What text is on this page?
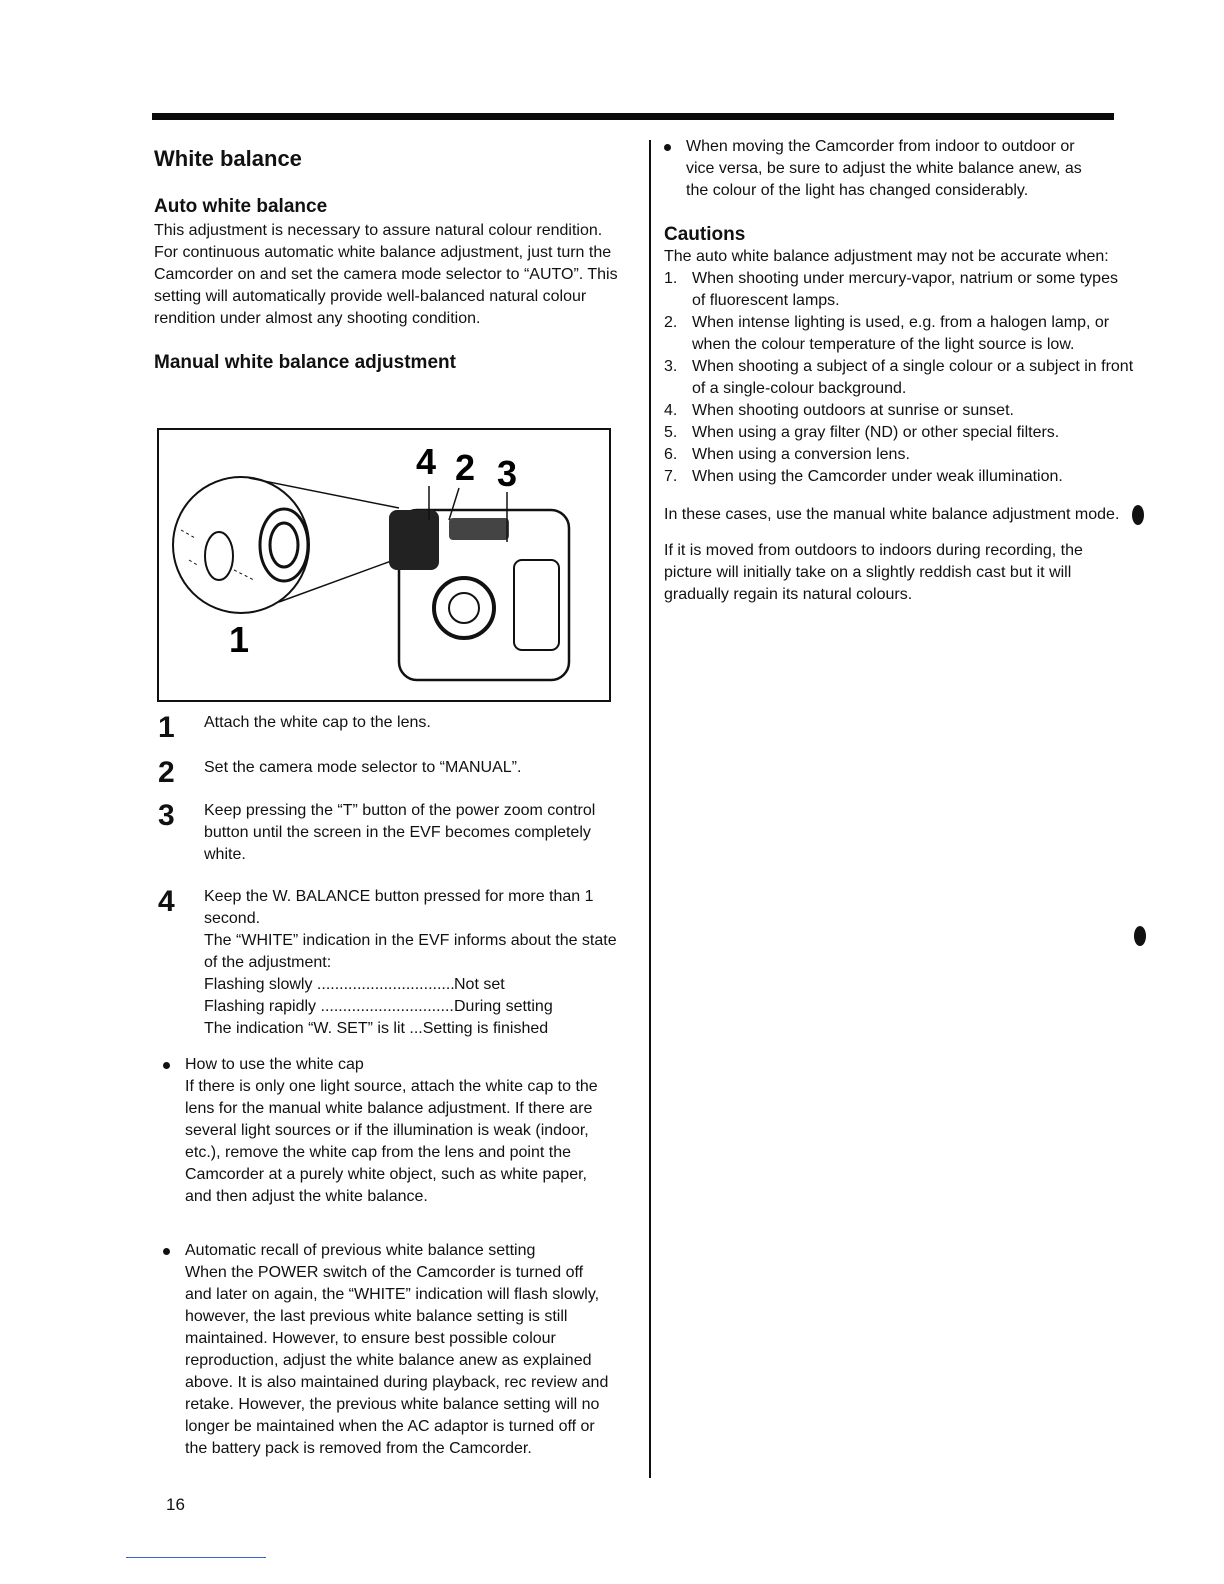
White balance
Auto white balance

This adjustment is necessary to assure natural colour rendition.

For continuous automatic white balance adjustment, just turn the Camcorder on and set the camera mode selector to “AUTO”. This setting will automatically provide well-balanced natural colour rendition under almost any shooting condition.

Manual white balance adjustment
4 2 3
1
1 Attach the white cap to the lens.
2 Set the camera mode selector to “MANUAL”.
3 Keep pressing the “T” button of the power zoom control button until the screen in the EVF becomes completely white.
4 Keep the W. BALANCE button pressed for more than 1 second.
The “WHITE” indication in the EVF informs about the state of the adjustment:
Flashing slowly .....	Not set
Flashing rapidly .....	During setting
The indication “W. SET” is lit ...Setting is finished
How to use the white cap
If there is only one light source, attach the white cap to the lens for the manual white balance adjustment. If there are several light sources or if the illumination is weak (indoor, etc.), remove the white cap from the lens and point the Camcorder at a purely white object, such as white paper, and then adjust the white balance.
Automatic recall of previous white balance setting
When the POWER switch of the Camcorder is turned off and later on again, the “WHITE” indication will flash slowly, however, the last previous white balance setting is still maintained. However, to ensure best possible colour reproduction, adjust the white balance anew as explained above. It is also maintained during playback, rec review and retake. However, the previous white balance setting will no longer be maintained when the AC adaptor is turned off or the battery pack is removed from the Camcorder.
When moving the Camcorder from indoor to outdoor or vice versa, be sure to adjust the white balance anew, as the colour of the light has changed considerably.
Cautions

The auto white balance adjustment may not be accurate when:

1. When shooting under mercury-vapor, natrium or some types of fluorescent lamps.
2. When intense lighting is used, e.g. from a halogen lamp, or when the colour temperature of the light source is low.
3. When shooting a subject of a single colour or a subject in front of a single-colour background.
4. When shooting outdoors at sunrise or sunset.
5. When using a gray filter (ND) or other special filters.
6. When using a conversion lens.
7. When using the Camcorder under weak illumination.

In these cases, use the manual white balance adjustment mode.

If it is moved from outdoors to indoors during recording, the picture will initially take on a slightly reddish cast but it will gradually regain its natural colours.

16
